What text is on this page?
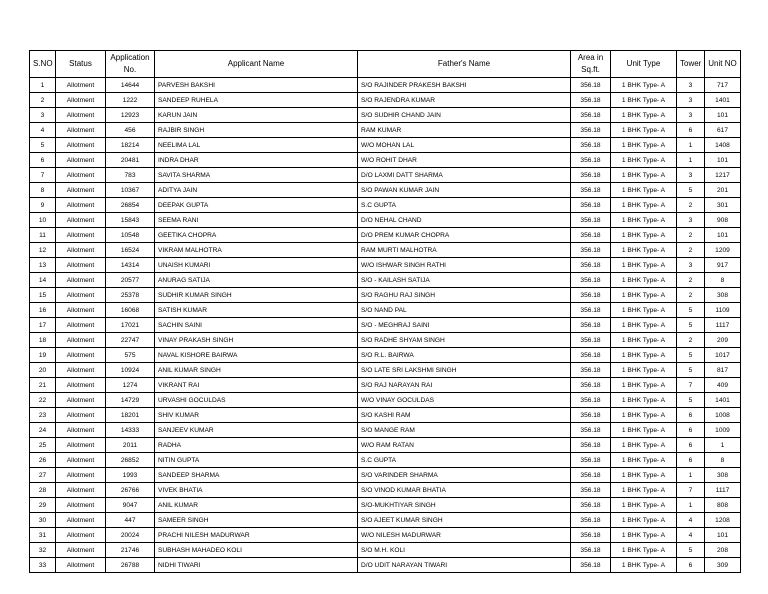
S.NO	Status	Application No.	Applicant Name	Father's Name	Area in Sq.ft.	Unit Type	Tower	Unit NO
1	Allotment	14644	PARVESH BAKSHI	S/O RAJINDER PRAKESH BAKSHI	356.18	1 BHK Type- A	3	717
2	Allotment	1222	SANDEEP RUHELA	S/O RAJENDRA KUMAR	356.18	1 BHK Type- A	3	1401
3	Allotment	12923	KARUN JAIN	S/O SUDHIR CHAND JAIN	356.18	1 BHK Type- A	3	101
4	Allotment	456	RAJBIR SINGH	RAM KUMAR	356.18	1 BHK Type- A	6	617
5	Allotment	18214	NEELIMA LAL	W/O MOHAN LAL	356.18	1 BHK Type- A	1	1408
6	Allotment	20481	INDRA DHAR	W/O ROHIT DHAR	356.18	1 BHK Type- A	1	101
7	Allotment	783	SAVITA SHARMA	D/O LAXMI DATT SHARMA	356.18	1 BHK Type- A	3	1217
8	Allotment	10367	ADITYA JAIN	S/O PAWAN KUMAR JAIN	356.18	1 BHK Type- A	5	201
9	Allotment	26854	DEEPAK GUPTA	S.C GUPTA	356.18	1 BHK Type- A	2	301
10	Allotment	15843	SEEMA RANI	D/O NEHAL CHAND	356.18	1 BHK Type- A	3	908
11	Allotment	10548	GEETIKA CHOPRA	D/O PREM KUMAR CHOPRA	356.18	1 BHK Type- A	2	101
12	Allotment	16524	VIKRAM MALHOTRA	RAM MURTI MALHOTRA	356.18	1 BHK Type- A	2	1209
13	Allotment	14314	UNAISH KUMARI	W/O ISHWAR SINGH RATHI	356.18	1 BHK Type- A	3	917
14	Allotment	20577	ANURAG SATIJA	S/O - KAILASH SATIJA	356.18	1 BHK Type- A	2	8
15	Allotment	25378	SUDHIR KUMAR SINGH	S/O RAGHU RAJ SINGH	356.18	1 BHK Type- A	2	308
16	Allotment	16068	SATISH KUMAR	S/O NAND PAL	356.18	1 BHK Type- A	5	1109
17	Allotment	17021	SACHIN SAINI	S/O - MEGHRAJ SAINI	356.18	1 BHK Type- A	5	1117
18	Allotment	22747	VINAY PRAKASH SINGH	S/O RADHE SHYAM SINGH	356.18	1 BHK Type- A	2	209
19	Allotment	575	NAVAL KISHORE BAIRWA	S/O R.L. BAIRWA	356.18	1 BHK Type- A	5	1017
20	Allotment	10924	ANIL KUMAR SINGH	S/O LATE SRI LAKSHMI SINGH	356.18	1 BHK Type- A	5	817
21	Allotment	1274	VIKRANT RAI	S/O RAJ NARAYAN RAI	356.18	1 BHK Type- A	7	409
22	Allotment	14729	URVASHI GOCULDAS	W/O VINAY GOCULDAS	356.18	1 BHK Type- A	5	1401
23	Allotment	18201	SHIV KUMAR	S/O KASHI RAM	356.18	1 BHK Type- A	6	1008
24	Allotment	14333	SANJEEV KUMAR	S/O MANGE RAM	356.18	1 BHK Type- A	6	1009
25	Allotment	2011	RADHA	W/O RAM RATAN	356.18	1 BHK Type- A	6	1
26	Allotment	26852	NITIN GUPTA	S.C GUPTA	356.18	1 BHK Type- A	6	8
27	Allotment	1993	SANDEEP SHARMA	S/O VARINDER SHARMA	356.18	1 BHK Type- A	1	308
28	Allotment	26766	VIVEK BHATIA	S/O VINOD KUMAR BHATIA	356.18	1 BHK Type- A	7	1117
29	Allotment	9047	ANIL KUMAR	S/O-MUKHTIYAR SINGH	356.18	1 BHK Type- A	1	808
30	Allotment	447	SAMEER SINGH	S/O AJEET KUMAR SINGH	356.18	1 BHK Type- A	4	1208
31	Allotment	20024	PRACHI NILESH MADURWAR	W/O NILESH MADURWAR	356.18	1 BHK Type- A	4	101
32	Allotment	21746	SUBHASH MAHADEO KOLI	S/O M.H. KOLI	356.18	1 BHK Type- A	5	208
33	Allotment	26788	NIDHI TIWARI	D/O UDIT NARAYAN TIWARI	356.18	1 BHK Type- A	6	309
